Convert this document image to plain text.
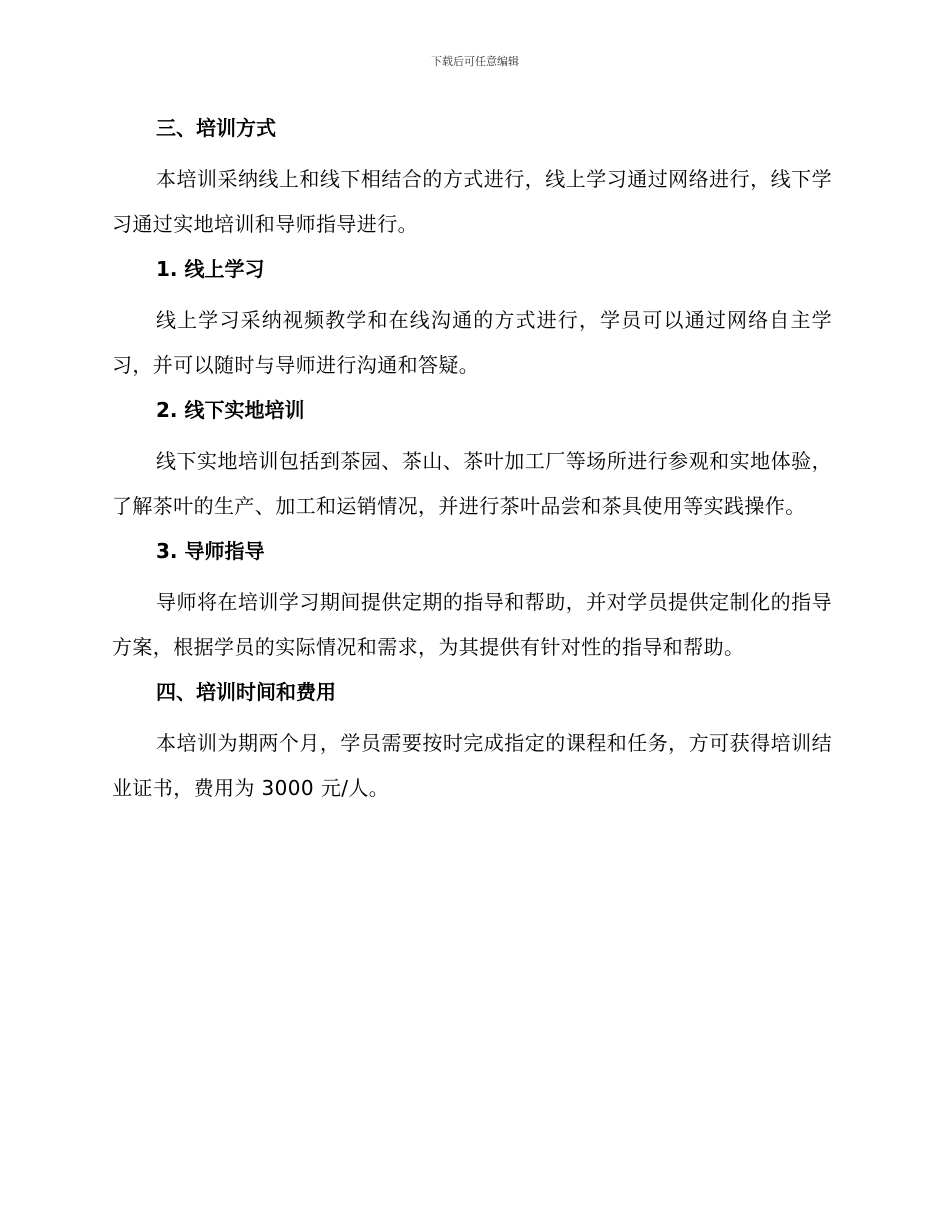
下载后可任意编辑
三、培训方式

本培训采纳线上和线下相结合的方式进行，线上学习通过网络进行，线下学习通过实地培训和导师指导进行。

1. 线上学习

线上学习采纳视频教学和在线沟通的方式进行，学员可以通过网络自主学习，并可以随时与导师进行沟通和答疑。

2. 线下实地培训

线下实地培训包括到茶园、茶山、茶叶加工厂等场所进行参观和实地体验，了解茶叶的生产、加工和运销情况，并进行茶叶品尝和茶具使用等实践操作。

3. 导师指导

导师将在培训学习期间提供定期的指导和帮助，并对学员提供定制化的指导方案，根据学员的实际情况和需求，为其提供有针对性的指导和帮助。

四、培训时间和费用

本培训为期两个月，学员需要按时完成指定的课程和任务，方可获得培训结业证书，费用为 3000 元/人。
